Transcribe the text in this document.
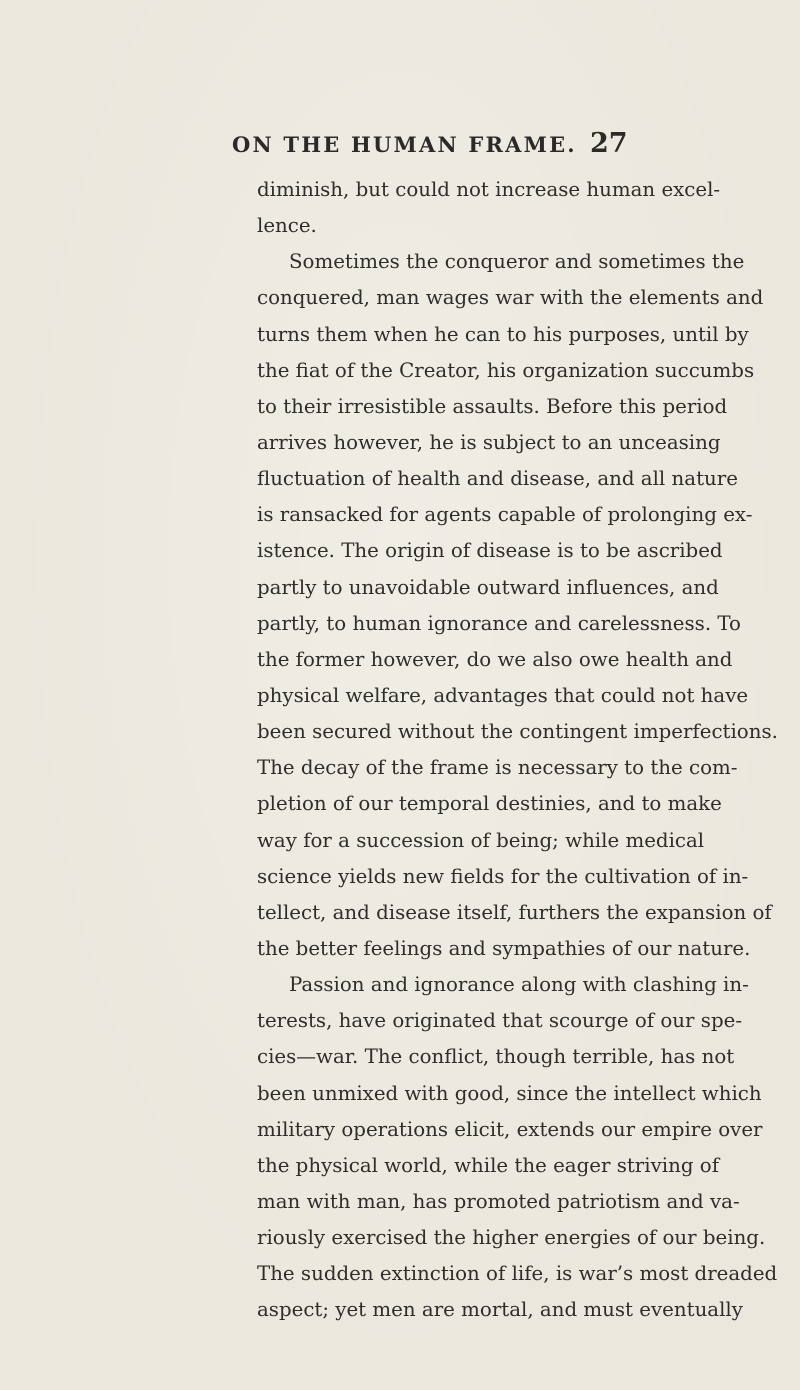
ON THE HUMAN FRAME. 27
diminish, but could not increase human excel-
lence.
Sometimes the conqueror and sometimes the
conquered, man wages war with the elements and
turns them when he can to his purposes, until by
the fiat of the Creator, his organization succumbs
to their irresistible assaults. Before this period
arrives however, he is subject to an unceasing
fluctuation of health and disease, and all nature
is ransacked for agents capable of prolonging ex-
istence. The origin of disease is to be ascribed
partly to unavoidable outward influences, and
partly, to human ignorance and carelessness. To
the former however, do we also owe health and
physical welfare, advantages that could not have
been secured without the contingent imperfections.
The decay of the frame is necessary to the com-
pletion of our temporal destinies, and to make
way for a succession of being; while medical
science yields new fields for the cultivation of in-
tellect, and disease itself, furthers the expansion of
the better feelings and sympathies of our nature.
Passion and ignorance along with clashing in-
terests, have originated that scourge of our spe-
cies—war. The conflict, though terrible, has not
been unmixed with good, since the intellect which
military operations elicit, extends our empire over
the physical world, while the eager striving of
man with man, has promoted patriotism and va-
riously exercised the higher energies of our being.
The sudden extinction of life, is war’s most dreaded
aspect; yet men are mortal, and must eventually
